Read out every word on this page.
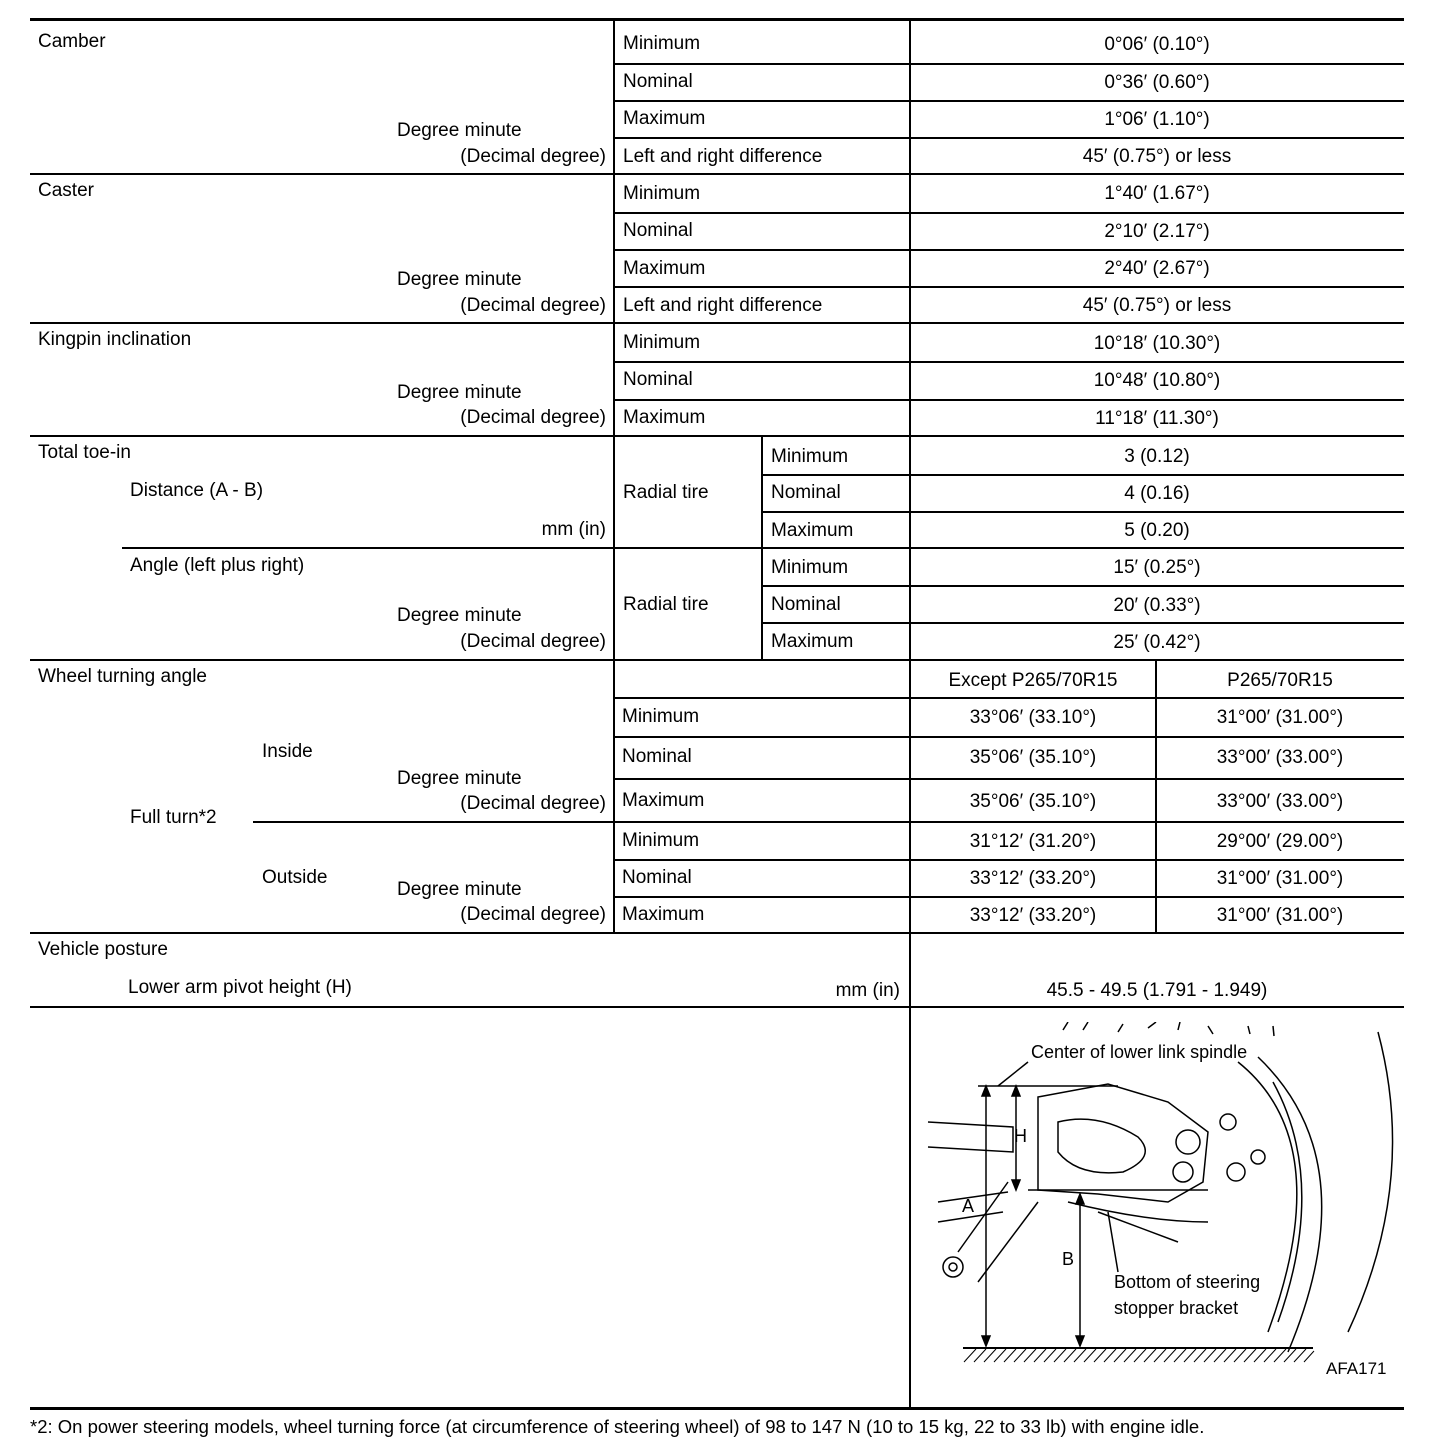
Camber
Degree minute
(Decimal degree)
Minimum	0°06′ (0.10°)
Nominal	0°36′ (0.60°)
Maximum	1°06′ (1.10°)
Left and right difference	45′ (0.75°) or less
Caster
Degree minute
(Decimal degree)
Minimum	1°40′ (1.67°)
Nominal	2°10′ (2.17°)
Maximum	2°40′ (2.67°)
Left and right difference	45′ (0.75°) or less
Kingpin inclination
Degree minute
(Decimal degree)
Minimum	10°18′ (10.30°)
Nominal	10°48′ (10.80°)
Maximum	11°18′ (11.30°)
Total toe-in
Distance (A - B)
mm (in)
Radial tire
Minimum	3 (0.12)
Nominal	4 (0.16)
Maximum	5 (0.20)
Angle (left plus right)
Degree minute
(Decimal degree)
Radial tire
Minimum	15′ (0.25°)
Nominal	20′ (0.33°)
Maximum	25′ (0.42°)
Wheel turning angle	Except P265/70R15	P265/70R15
Full turn*2
Inside
Degree minute
(Decimal degree)
Minimum	33°06′ (33.10°)	31°00′ (31.00°)
Nominal	35°06′ (35.10°)	33°00′ (33.00°)
Maximum	35°06′ (35.10°)	33°00′ (33.00°)
Outside
Degree minute
(Decimal degree)
Minimum	31°12′ (31.20°)	29°00′ (29.00°)
Nominal	33°12′ (33.20°)	31°00′ (31.00°)
Maximum	33°12′ (33.20°)	31°00′ (31.00°)
Vehicle posture
Lower arm pivot height (H)	mm (in)	45.5 - 49.5 (1.791 - 1.949)
Center of lower link spindle
Bottom of steering
stopper bracket
A
B
H
AFA171
*2: On power steering models, wheel turning force (at circumference of steering wheel) of 98 to 147 N (10 to 15 kg, 22 to 33 lb) with engine idle.
